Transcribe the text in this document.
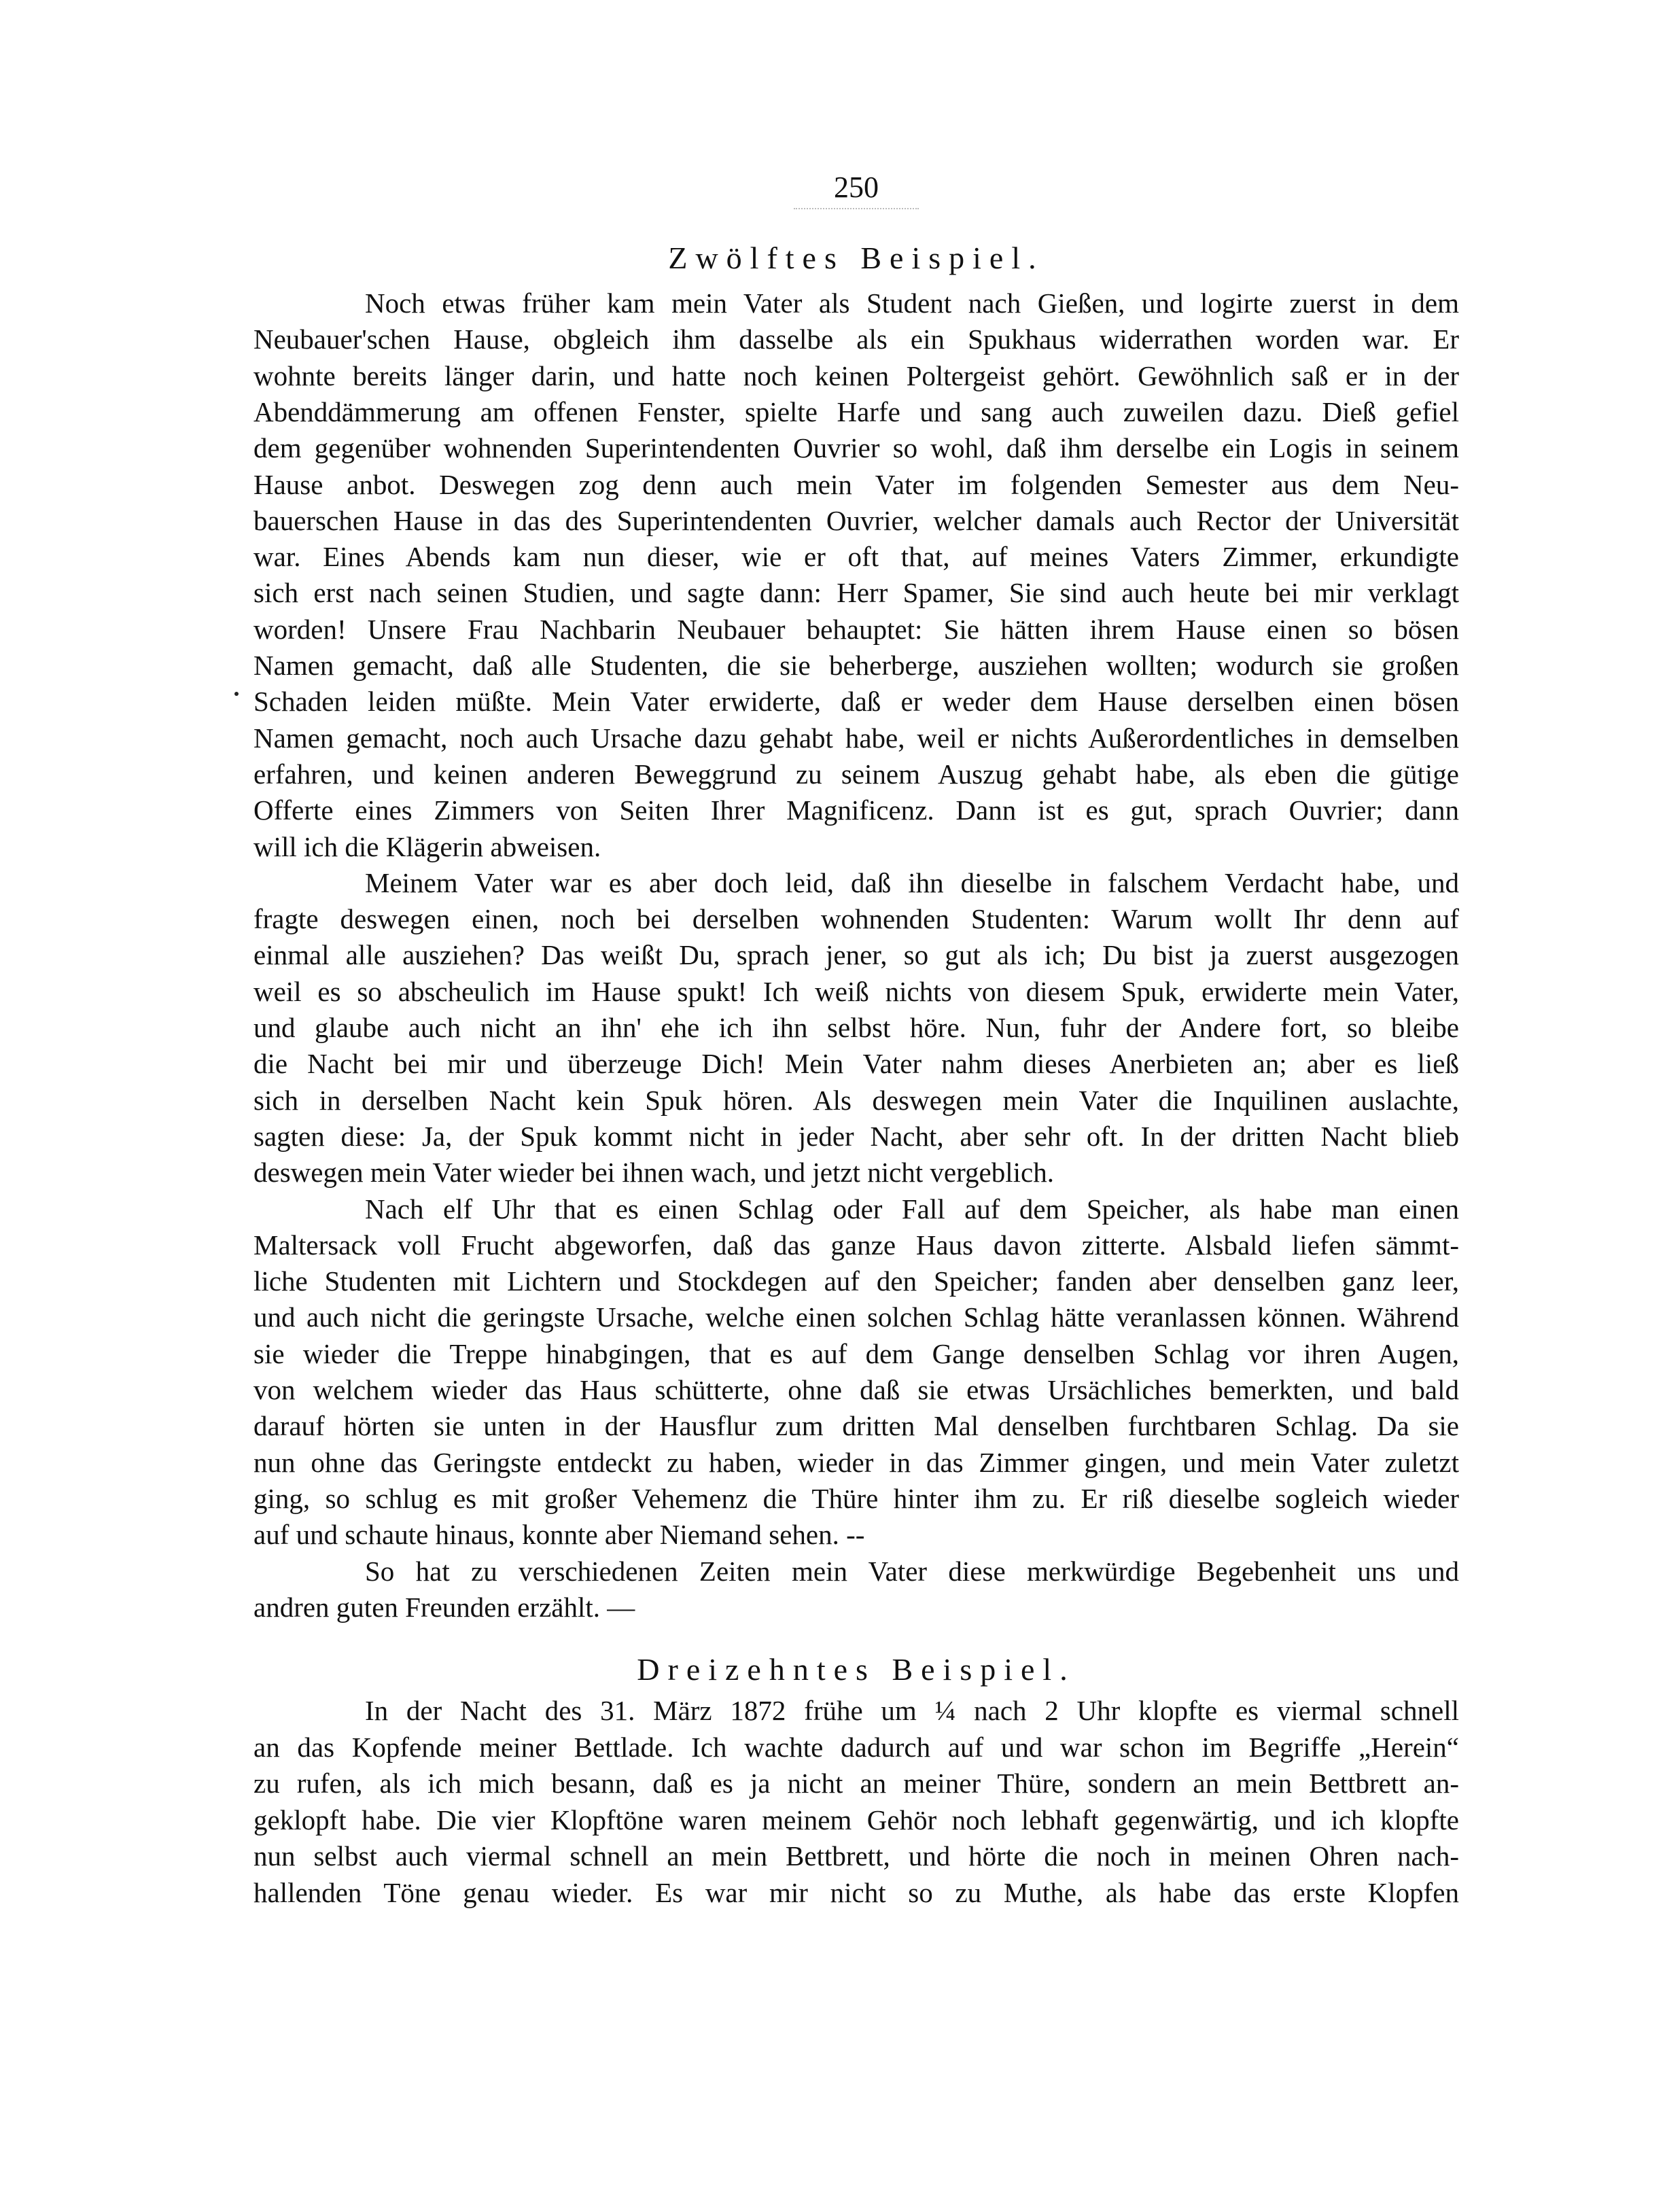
250
Zwölftes Beispiel.
Noch etwas früher kam mein Vater als Student nach Gießen, und logirte zuerst in dem
Neubauer'schen Hause, obgleich ihm dasselbe als ein Spukhaus widerrathen worden war. Er
wohnte bereits länger darin, und hatte noch keinen Poltergeist gehört. Gewöhnlich saß er in der
Abenddämmerung am offenen Fenster, spielte Harfe und sang auch zuweilen dazu. Dieß gefiel
dem gegenüber wohnenden Superintendenten Ouvrier so wohl, daß ihm derselbe ein Logis in seinem
Hause anbot. Deswegen zog denn auch mein Vater im folgenden Semester aus dem Neu-
bauerschen Hause in das des Superintendenten Ouvrier, welcher damals auch Rector der Universität
war. Eines Abends kam nun dieser, wie er oft that, auf meines Vaters Zimmer, erkundigte
sich erst nach seinen Studien, und sagte dann: Herr Spamer, Sie sind auch heute bei mir verklagt
worden! Unsere Frau Nachbarin Neubauer behauptet: Sie hätten ihrem Hause einen so bösen
Namen gemacht, daß alle Studenten, die sie beherberge, ausziehen wollten; wodurch sie großen
Schaden leiden müßte. Mein Vater erwiderte, daß er weder dem Hause derselben einen bösen
Namen gemacht, noch auch Ursache dazu gehabt habe, weil er nichts Außerordentliches in demselben
erfahren, und keinen anderen Beweggrund zu seinem Auszug gehabt habe, als eben die gütige
Offerte eines Zimmers von Seiten Ihrer Magnificenz. Dann ist es gut, sprach Ouvrier; dann
will ich die Klägerin abweisen.
Meinem Vater war es aber doch leid, daß ihn dieselbe in falschem Verdacht habe, und
fragte deswegen einen, noch bei derselben wohnenden Studenten: Warum wollt Ihr denn auf
einmal alle ausziehen? Das weißt Du, sprach jener, so gut als ich; Du bist ja zuerst ausgezogen
weil es so abscheulich im Hause spukt! Ich weiß nichts von diesem Spuk, erwiderte mein Vater,
und glaube auch nicht an ihn' ehe ich ihn selbst höre. Nun, fuhr der Andere fort, so bleibe
die Nacht bei mir und überzeuge Dich! Mein Vater nahm dieses Anerbieten an; aber es ließ
sich in derselben Nacht kein Spuk hören. Als deswegen mein Vater die Inquilinen auslachte,
sagten diese: Ja, der Spuk kommt nicht in jeder Nacht, aber sehr oft. In der dritten Nacht blieb
deswegen mein Vater wieder bei ihnen wach, und jetzt nicht vergeblich.
Nach elf Uhr that es einen Schlag oder Fall auf dem Speicher, als habe man einen
Maltersack voll Frucht abgeworfen, daß das ganze Haus davon zitterte. Alsbald liefen sämmt-
liche Studenten mit Lichtern und Stockdegen auf den Speicher; fanden aber denselben ganz leer,
und auch nicht die geringste Ursache, welche einen solchen Schlag hätte veranlassen können. Während
sie wieder die Treppe hinabgingen, that es auf dem Gange denselben Schlag vor ihren Augen,
von welchem wieder das Haus schütterte, ohne daß sie etwas Ursächliches bemerkten, und bald
darauf hörten sie unten in der Hausflur zum dritten Mal denselben furchtbaren Schlag. Da sie
nun ohne das Geringste entdeckt zu haben, wieder in das Zimmer gingen, und mein Vater zuletzt
ging, so schlug es mit großer Vehemenz die Thüre hinter ihm zu. Er riß dieselbe sogleich wieder
auf und schaute hinaus, konnte aber Niemand sehen. --
So hat zu verschiedenen Zeiten mein Vater diese merkwürdige Begebenheit uns und
andren guten Freunden erzählt. —
Dreizehntes Beispiel.
In der Nacht des 31. März 1872 frühe um ¼ nach 2 Uhr klopfte es viermal schnell
an das Kopfende meiner Bettlade. Ich wachte dadurch auf und war schon im Begriffe „Herein“
zu rufen, als ich mich besann, daß es ja nicht an meiner Thüre, sondern an mein Bettbrett an-
geklopft habe. Die vier Klopftöne waren meinem Gehör noch lebhaft gegenwärtig, und ich klopfte
nun selbst auch viermal schnell an mein Bettbrett, und hörte die noch in meinen Ohren nach-
hallenden Töne genau wieder. Es war mir nicht so zu Muthe, als habe das erste Klopfen
